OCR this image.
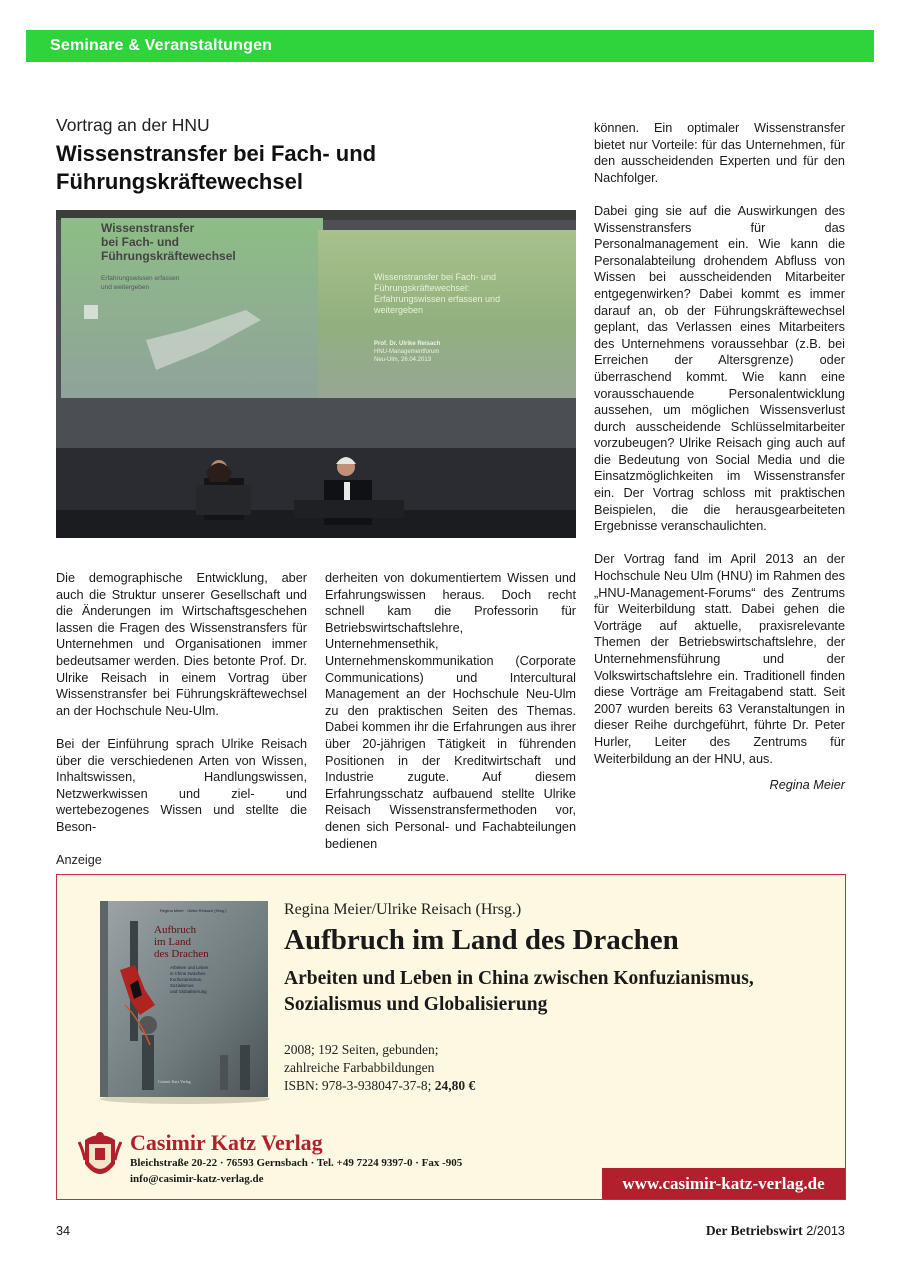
Seminare & Veranstaltungen
Vortrag an der HNU
Wissenstransfer bei Fach- und Führungskräftewechsel
Wissenstransfer bei Fach- und Führungskräftewechsel
Erfahrungswissen erfassen und weitergeben
Wissenstransfer bei Fach- und Führungskräftewechsel: Erfahrungswissen erfassen und weitergeben
Prof. Dr. Ulrike Reisach HNU-Managementforum Neu-Ulm, 26.04.2013

Die demographische Entwicklung, aber auch die Struktur unserer Gesellschaft und die Änderungen im Wirtschaftsgeschehen lassen die Fragen des Wissenstransfers für Unternehmen und Organisationen immer bedeutsamer werden. Dies betonte Prof. Dr. Ulrike Reisach in einem Vortrag über Wissenstransfer bei Führungskräftewechsel an der Hochschule Neu-Ulm.

Bei der Einführung sprach Ulrike Reisach über die verschiedenen Arten von Wissen, Inhaltswissen, Handlungswissen, Netzwerkwissen und ziel- und wertebezogenes Wissen und stellte die Beson-

derheiten von dokumentiertem Wissen und Erfahrungswissen heraus. Doch recht schnell kam die Professorin für Betriebswirtschaftslehre, Unternehmensethik, Unternehmenskommunikation (Corporate Communications) und Intercultural Management an der Hochschule Neu-Ulm zu den praktischen Seiten des Themas. Dabei kommen ihr die Erfahrungen aus ihrer über 20-jährigen Tätigkeit in führenden Positionen in der Kreditwirtschaft und Industrie zugute. Auf diesem Erfahrungsschatz aufbauend stellte Ulrike Reisach Wissenstransfermethoden vor, denen sich Personal- und Fachabteilungen bedienen

können. Ein optimaler Wissenstransfer bietet nur Vorteile: für das Unternehmen, für den ausscheidenden Experten und für den Nachfolger.

Dabei ging sie auf die Auswirkungen des Wissenstransfers für das Personalmanagement ein. Wie kann die Personalabteilung drohendem Abfluss von Wissen bei ausscheidenden Mitarbeiter entgegenwirken? Dabei kommt es immer darauf an, ob der Führungskräftewechsel geplant, das Verlassen eines Mitarbeiters des Unternehmens voraussehbar (z.B. bei Erreichen der Altersgrenze) oder überraschend kommt. Wie kann eine vorausschauende Personalentwicklung aussehen, um möglichen Wissensverlust durch ausscheidende Schlüsselmitarbeiter vorzubeugen? Ulrike Reisach ging auch auf die Bedeutung von Social Media und die Einsatzmöglichkeiten im Wissenstransfer ein. Der Vortrag schloss mit praktischen Beispielen, die die herausgearbeiteten Ergebnisse veranschaulichten.

Der Vortrag fand im April 2013 an der Hochschule Neu Ulm (HNU) im Rahmen des „HNU-Management-Forums“ des Zentrums für Weiterbildung statt. Dabei gehen die Vorträge auf aktuelle, praxisrelevante Themen der Betriebswirtschaftslehre, der Unternehmensführung und der Volkswirtschaftslehre ein. Traditionell finden diese Vorträge am Freitagabend statt. Seit 2007 wurden bereits 63 Veranstaltungen in dieser Reihe durchgeführt, führte Dr. Peter Hurler, Leiter des Zentrums für Weiterbildung an der HNU, aus.

Regina Meier
Anzeige
Regina Meier · Ulrike Reisach (Hrsg.)
Aufbruch im Land des Drachen
Arbeiten und Leben in China zwischen Konfuzianismus, Sozialismus und Globalisierung
Casimir Katz Verlag
Regina Meier/Ulrike Reisach (Hrsg.)
Aufbruch im Land des Drachen
Arbeiten und Leben in China zwischen Konfuzianismus, Sozialismus und Globalisierung
2008; 192 Seiten, gebunden;
zahlreiche Farbabbildungen
ISBN: 978-3-938047-37-8; 24,80 €
Casimir Katz Verlag
Bleichstraße 20-22 · 76593 Gernsbach · Tel. +49 7224 9397-0 · Fax -905
info@casimir-katz-verlag.de	www.casimir-katz-verlag.de
34	Der Betriebswirt 2/2013
